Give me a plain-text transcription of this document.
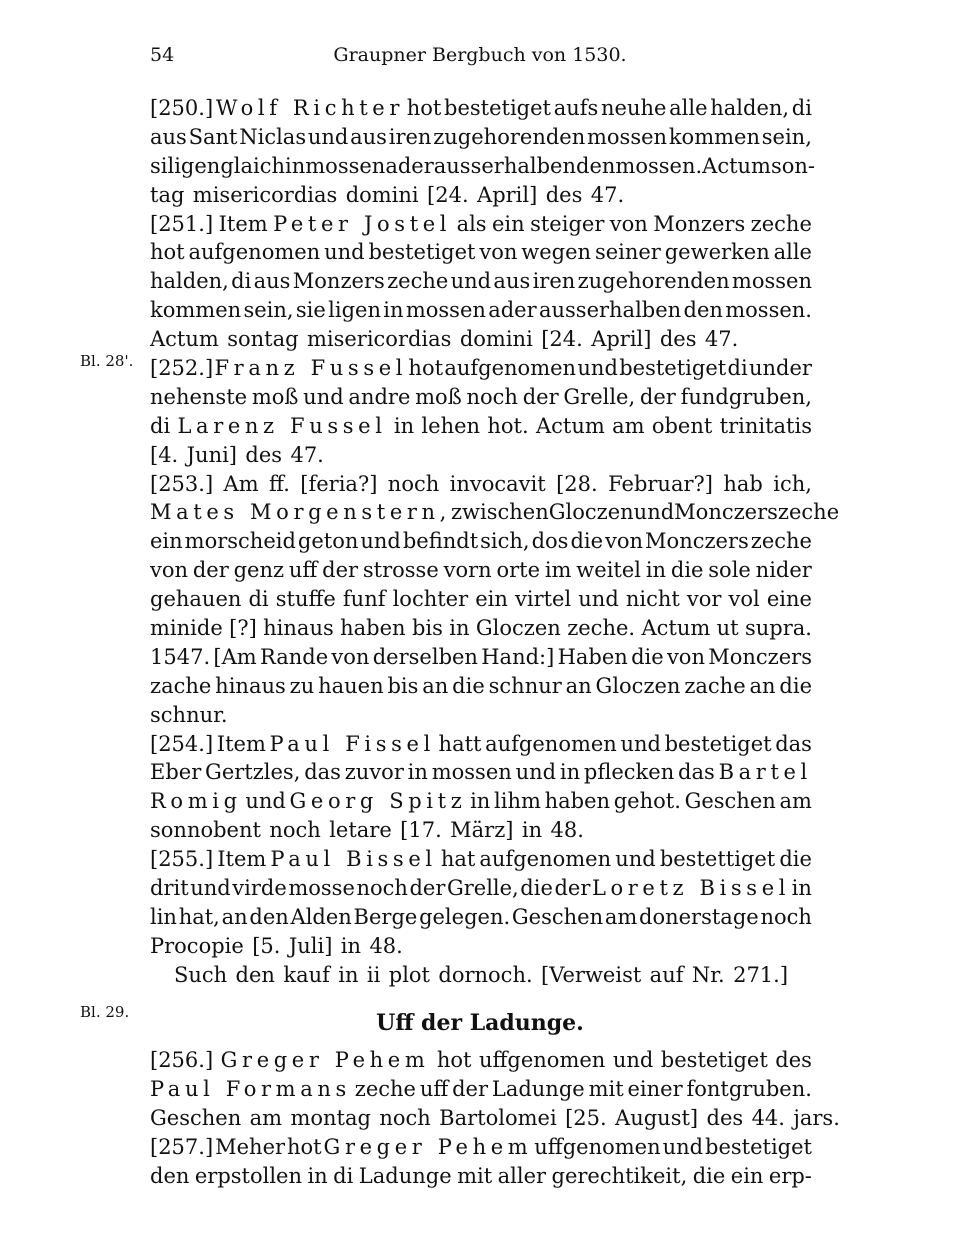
54	Graupner Bergbuch von 1530.
Bl. 28'.
Bl. 29.
[250.] Wolf Richter hot bestetiget aufs neuhe alle halden, di
aus Sant Niclas und aus iren zugehorenden mossen kommen sein,
si ligen glaich in mossen ader ausserhalben den mossen. Actum son-
tag misericordias domini [24. April] des 47.
[251.] Item Peter Jostel als ein steiger von Monzers zeche
hot aufgenomen und bestetiget von wegen seiner gewerken alle
halden, di aus Monzers zeche und aus iren zugehorenden mossen
kommen sein, sie ligen in mossen ader ausserhalben den mossen.
Actum sontag misericordias domini [24. April] des 47.
[252.] Franz Fussel hot aufgenomen und bestetiget di under
nehenste moß und andre moß noch der Grelle, der fundgruben,
di Larenz Fussel in lehen hot. Actum am obent trinitatis
[4. Juni] des 47.
[253.] Am ff. [feria?] noch invocavit [28. Februar?] hab ich,
Mates Morgenstern, zwischen Gloczen und Monczers zeche
ein morscheid geton und befindt sich, dos die von Monczers zeche
von der genz uff der strosse vorn orte im weitel in die sole nider
gehauen di stuffe funf lochter ein virtel und nicht vor vol eine
minide [?] hinaus haben bis in Gloczen zeche. Actum ut supra.
1547. [Am Rande von derselben Hand:] Haben die von Monczers
zache hinaus zu hauen bis an die schnur an Gloczen zache an die
schnur.
[254.] Item Paul Fissel hatt aufgenomen und bestetiget das
Eber Gertzles, das zuvor in mossen und in pflecken das Bartel
Romig und Georg Spitz in lihm haben gehot. Geschen am
sonnobent noch letare [17. März] in 48.
[255.] Item Paul Bissel hat aufgenomen und bestettiget die
drit und virde mosse noch der Grelle, die der Loretz Bissel in
lin hat, an den Alden Berge gelegen. Geschen am donerstage noch
Procopie [5. Juli] in 48.
Such den kauf in ii plot dornoch. [Verweist auf Nr. 271.]
Uff der Ladunge.
[256.] Greger Pehem hot uffgenomen und bestetiget des
Paul Formans zeche uff der Ladunge mit einer fontgruben.
Geschen am montag noch Bartolomei [25. August] des 44. jars.
[257.] Meher hot Greger Pehem uffgenomen und bestetiget
den erpstollen in di Ladunge mit aller gerechtikeit, die ein erp-
